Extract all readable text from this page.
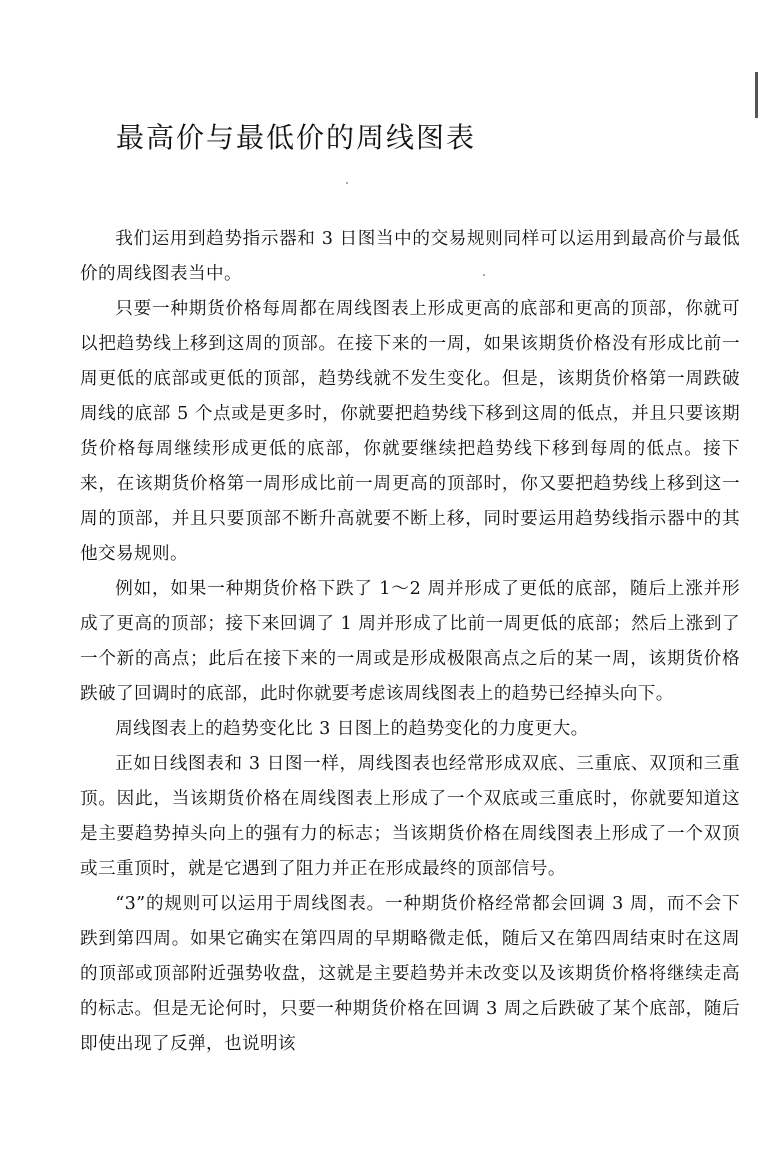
最高价与最低价的周线图表

我们运用到趋势指示器和 3 日图当中的交易规则同样可以运用到最高价与最低价的周线图表当中。

只要一种期货价格每周都在周线图表上形成更高的底部和更高的顶部，你就可以把趋势线上移到这周的顶部。在接下来的一周，如果该期货价格没有形成比前一周更低的底部或更低的顶部，趋势线就不发生变化。但是，该期货价格第一周跌破周线的底部 5 个点或是更多时，你就要把趋势线下移到这周的低点，并且只要该期货价格每周继续形成更低的底部，你就要继续把趋势线下移到每周的低点。接下来，在该期货价格第一周形成比前一周更高的顶部时，你又要把趋势线上移到这一周的顶部，并且只要顶部不断升高就要不断上移，同时要运用趋势线指示器中的其他交易规则。

例如，如果一种期货价格下跌了 1～2 周并形成了更低的底部，随后上涨并形成了更高的顶部；接下来回调了 1 周并形成了比前一周更低的底部；然后上涨到了一个新的高点；此后在接下来的一周或是形成极限高点之后的某一周，该期货价格跌破了回调时的底部，此时你就要考虑该周线图表上的趋势已经掉头向下。

周线图表上的趋势变化比 3 日图上的趋势变化的力度更大。

正如日线图表和 3 日图一样，周线图表也经常形成双底、三重底、双顶和三重顶。因此，当该期货价格在周线图表上形成了一个双底或三重底时，你就要知道这是主要趋势掉头向上的强有力的标志；当该期货价格在周线图表上形成了一个双顶或三重顶时，就是它遇到了阻力并正在形成最终的顶部信号。

“3”的规则可以运用于周线图表。一种期货价格经常都会回调 3 周，而不会下跌到第四周。如果它确实在第四周的早期略微走低，随后又在第四周结束时在这周的顶部或顶部附近强势收盘，这就是主要趋势并未改变以及该期货价格将继续走高的标志。但是无论何时，只要一种期货价格在回调 3 周之后跌破了某个底部，随后即使出现了反弹，也说明该
